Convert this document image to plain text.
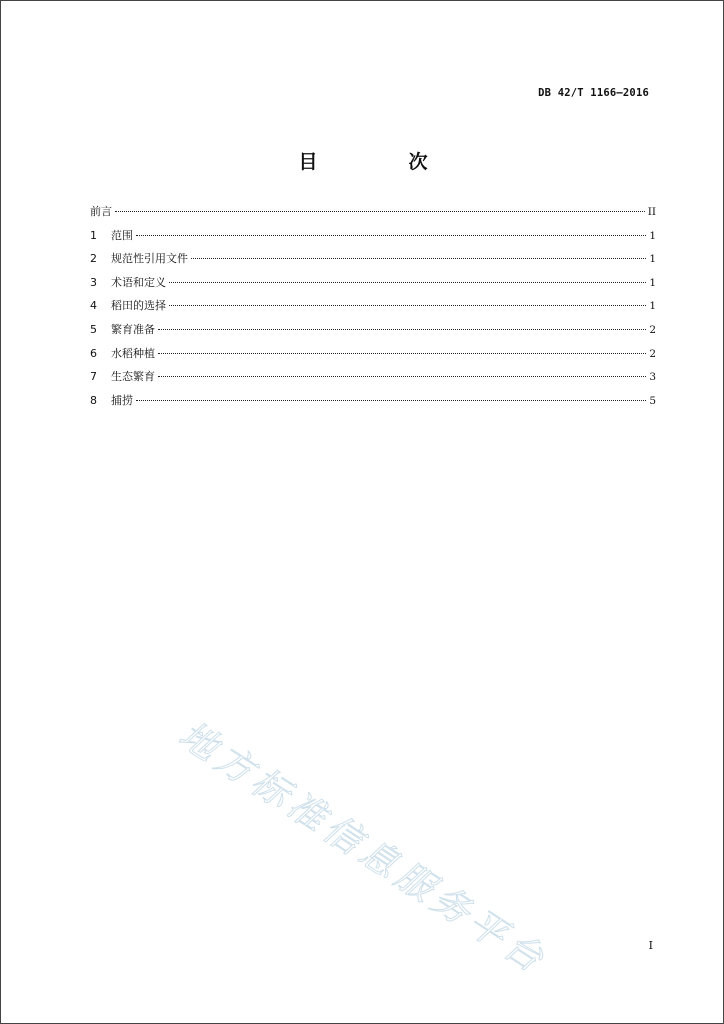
DB 42/T 1166—2016
目　次
前言	II
1	范围	1
2	规范性引用文件	1
3	术语和定义	1
4	稻田的选择	1
5	繁育准备	2
6	水稻种植	2
7	生态繁育	3
8	捕捞	5
地方标准信息服务平台	I
